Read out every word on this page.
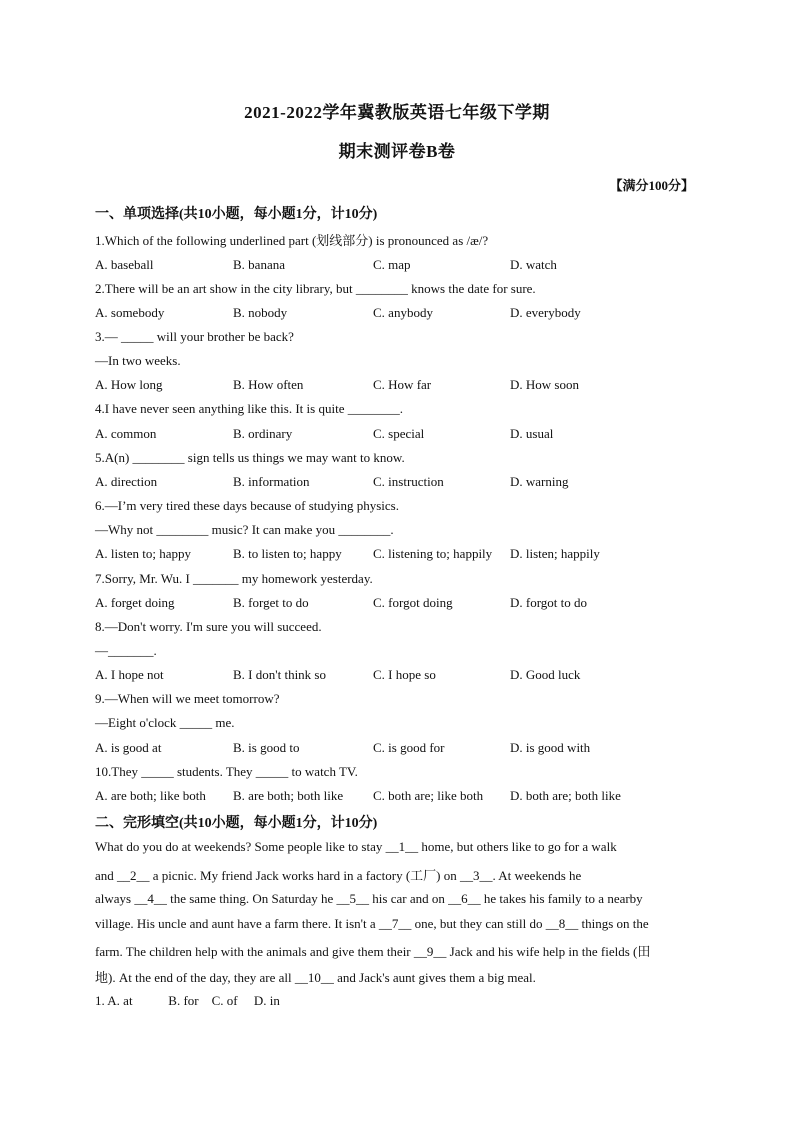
2021-2022学年冀教版英语七年级下学期
期末测评卷B卷
【满分100分】
一、单项选择(共10小题，每小题1分，计10分)
1.Which of the following underlined part (划线部分) is pronounced as /æ/?
A. baseball	B. banana	C. map	D. watch
2.There will be an art show in the city library, but ________ knows the date for sure.
A. somebody	B. nobody	C. anybody	D. everybody
3.— _____ will your brother be back?
—In two weeks.
A. How long	B. How often	C. How far	D. How soon
4.I have never seen anything like this. It is quite ________.
A. common	B. ordinary	C. special	D. usual
5.A(n) ________ sign tells us things we may want to know.
A. direction	B. information	C. instruction	D. warning
6.—I’m very tired these days because of studying physics.
—Why not ________ music? It can make you ________.
A. listen to; happy	B. to listen to; happy C. listening to; happily D. listen; happily
7.Sorry, Mr. Wu. I _______ my homework yesterday.
A. forget doing	B. forget to do	C. forgot doing	D. forgot to do
8.—Don't worry. I'm sure you will succeed.
—_______.
A. I hope not	B. I don't think so	C. I hope so	D. Good luck
9.—When will we meet tomorrow?
—Eight o'clock _____ me.
A. is good at	B. is good to	C. is good for	D. is good with
10.They _____ students. They _____ to watch TV.
A. are both; like both B. are both; both like C. both are; like both D. both are; both like
二、完形填空(共10小题，每小题1分，计10分)
What do you do at weekends? Some people like to stay __1__ home, but others like to go for a walk
and __2__ a picnic. My friend Jack works hard in a factory (工厂) on __3__. At weekends he
always __4__ the same thing. On Saturday he __5__ his car and on __6__ he takes his family to a nearby
village. His uncle and aunt have a farm there. It isn't a __7__ one, but they can still do __8__ things on the
farm. The children help with the animals and give them their __9__ Jack and his wife help in the fields (田
地). At the end of the day, they are all __10__ and Jack's aunt gives them a big meal.
1. A. at           B. for    C. of     D. in
